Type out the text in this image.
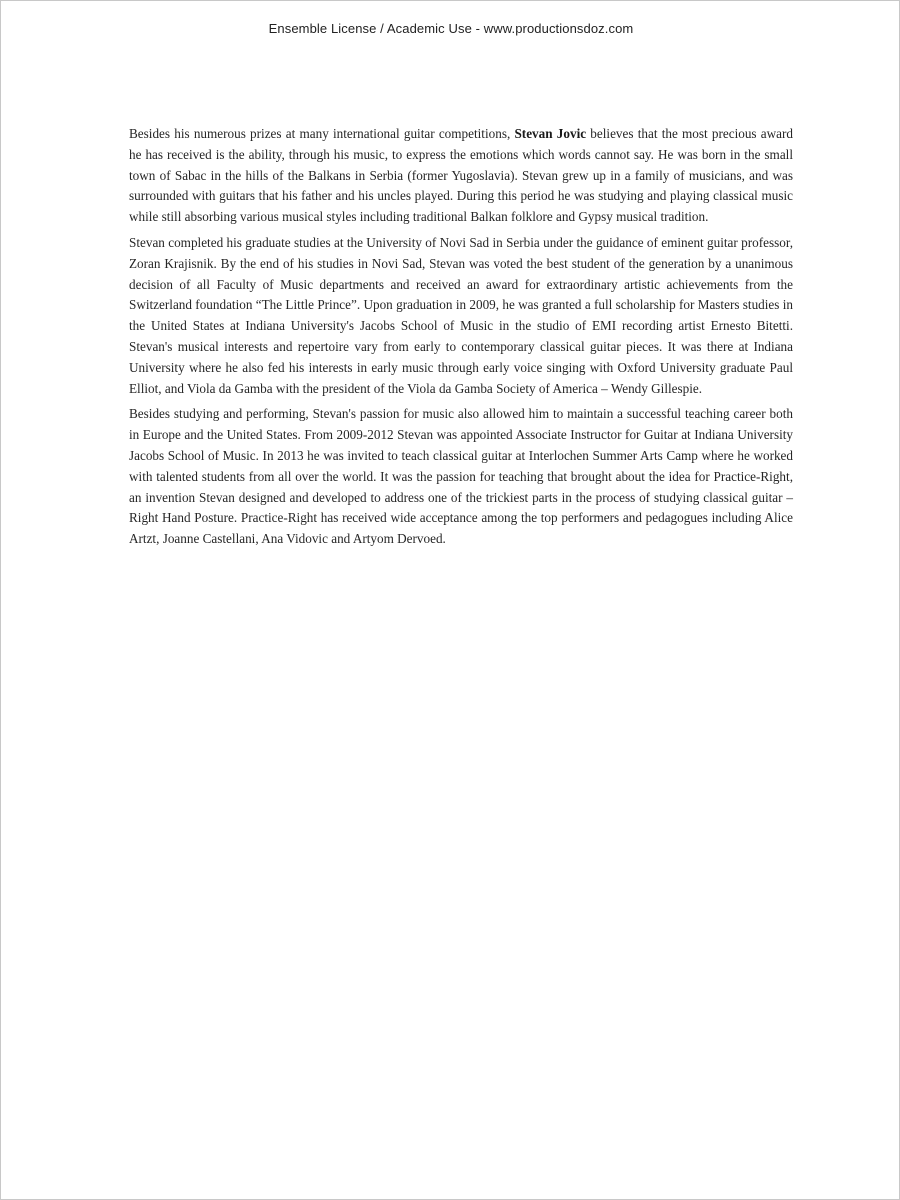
Ensemble License / Academic Use - www.productionsdoz.com

Besides his numerous prizes at many international guitar competitions, Stevan Jovic believes that the most precious award he has received is the ability, through his music, to express the emotions which words cannot say. He was born in the small town of Sabac in the hills of the Balkans in Serbia (former Yugoslavia). Stevan grew up in a family of musicians, and was surrounded with guitars that his father and his uncles played. During this period he was studying and playing classical music while still absorbing various musical styles including traditional Balkan folklore and Gypsy musical tradition.

Stevan completed his graduate studies at the University of Novi Sad in Serbia under the guidance of eminent guitar professor, Zoran Krajisnik. By the end of his studies in Novi Sad, Stevan was voted the best student of the generation by a unanimous decision of all Faculty of Music departments and received an award for extraordinary artistic achievements from the Switzerland foundation “The Little Prince”. Upon graduation in 2009, he was granted a full scholarship for Masters studies in the United States at Indiana University's Jacobs School of Music in the studio of EMI recording artist Ernesto Bitetti. Stevan's musical interests and repertoire vary from early to contemporary classical guitar pieces. It was there at Indiana University where he also fed his interests in early music through early voice singing with Oxford University graduate Paul Elliot, and Viola da Gamba with the president of the Viola da Gamba Society of America – Wendy Gillespie.

Besides studying and performing, Stevan's passion for music also allowed him to maintain a successful teaching career both in Europe and the United States. From 2009-2012 Stevan was appointed Associate Instructor for Guitar at Indiana University Jacobs School of Music. In 2013 he was invited to teach classical guitar at Interlochen Summer Arts Camp where he worked with talented students from all over the world. It was the passion for teaching that brought about the idea for Practice-Right, an invention Stevan designed and developed to address one of the trickiest parts in the process of studying classical guitar – Right Hand Posture. Practice-Right has received wide acceptance among the top performers and pedagogues including Alice Artzt, Joanne Castellani, Ana Vidovic and Artyom Dervoed.
